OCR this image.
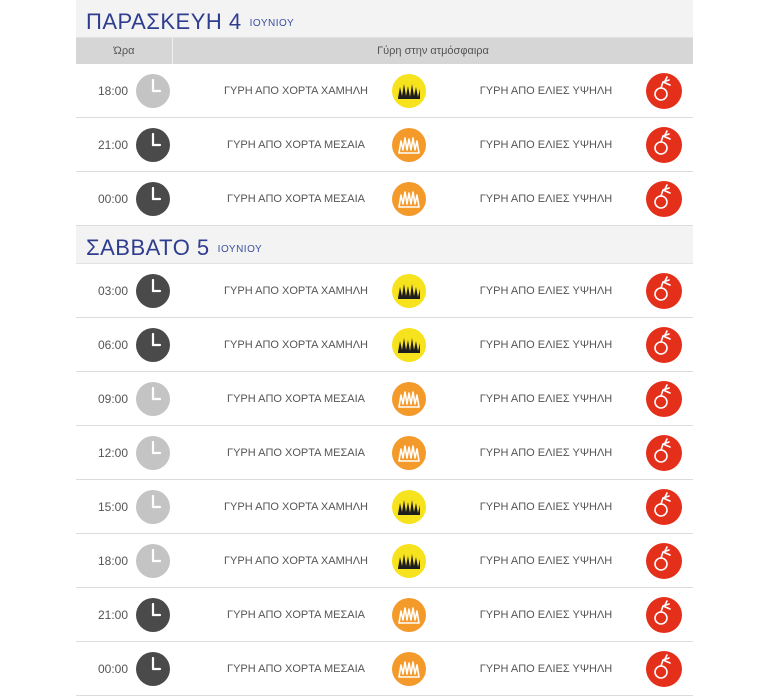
ΠΑΡΑΣΚΕΥΗ 4 ΙΟΥΝΙΟΥ
Ώρα	Γύρη στην ατμόσφαιρα
18:00	ΓΥΡΗ ΑΠΟ ΧΟΡΤΑ ΧΑΜΗΛΗ	ΓΥΡΗ ΑΠΟ ΕΛΙΕΣ ΥΨΗΛΗ
21:00	ΓΥΡΗ ΑΠΟ ΧΟΡΤΑ ΜΕΣΑΙΑ	ΓΥΡΗ ΑΠΟ ΕΛΙΕΣ ΥΨΗΛΗ
00:00	ΓΥΡΗ ΑΠΟ ΧΟΡΤΑ ΜΕΣΑΙΑ	ΓΥΡΗ ΑΠΟ ΕΛΙΕΣ ΥΨΗΛΗ
ΣΑΒΒΑΤΟ 5 ΙΟΥΝΙΟΥ
03:00	ΓΥΡΗ ΑΠΟ ΧΟΡΤΑ ΧΑΜΗΛΗ	ΓΥΡΗ ΑΠΟ ΕΛΙΕΣ ΥΨΗΛΗ
06:00	ΓΥΡΗ ΑΠΟ ΧΟΡΤΑ ΧΑΜΗΛΗ	ΓΥΡΗ ΑΠΟ ΕΛΙΕΣ ΥΨΗΛΗ
09:00	ΓΥΡΗ ΑΠΟ ΧΟΡΤΑ ΜΕΣΑΙΑ	ΓΥΡΗ ΑΠΟ ΕΛΙΕΣ ΥΨΗΛΗ
12:00	ΓΥΡΗ ΑΠΟ ΧΟΡΤΑ ΜΕΣΑΙΑ	ΓΥΡΗ ΑΠΟ ΕΛΙΕΣ ΥΨΗΛΗ
15:00	ΓΥΡΗ ΑΠΟ ΧΟΡΤΑ ΧΑΜΗΛΗ	ΓΥΡΗ ΑΠΟ ΕΛΙΕΣ ΥΨΗΛΗ
18:00	ΓΥΡΗ ΑΠΟ ΧΟΡΤΑ ΧΑΜΗΛΗ	ΓΥΡΗ ΑΠΟ ΕΛΙΕΣ ΥΨΗΛΗ
21:00	ΓΥΡΗ ΑΠΟ ΧΟΡΤΑ ΜΕΣΑΙΑ	ΓΥΡΗ ΑΠΟ ΕΛΙΕΣ ΥΨΗΛΗ
00:00	ΓΥΡΗ ΑΠΟ ΧΟΡΤΑ ΜΕΣΑΙΑ	ΓΥΡΗ ΑΠΟ ΕΛΙΕΣ ΥΨΗΛΗ
